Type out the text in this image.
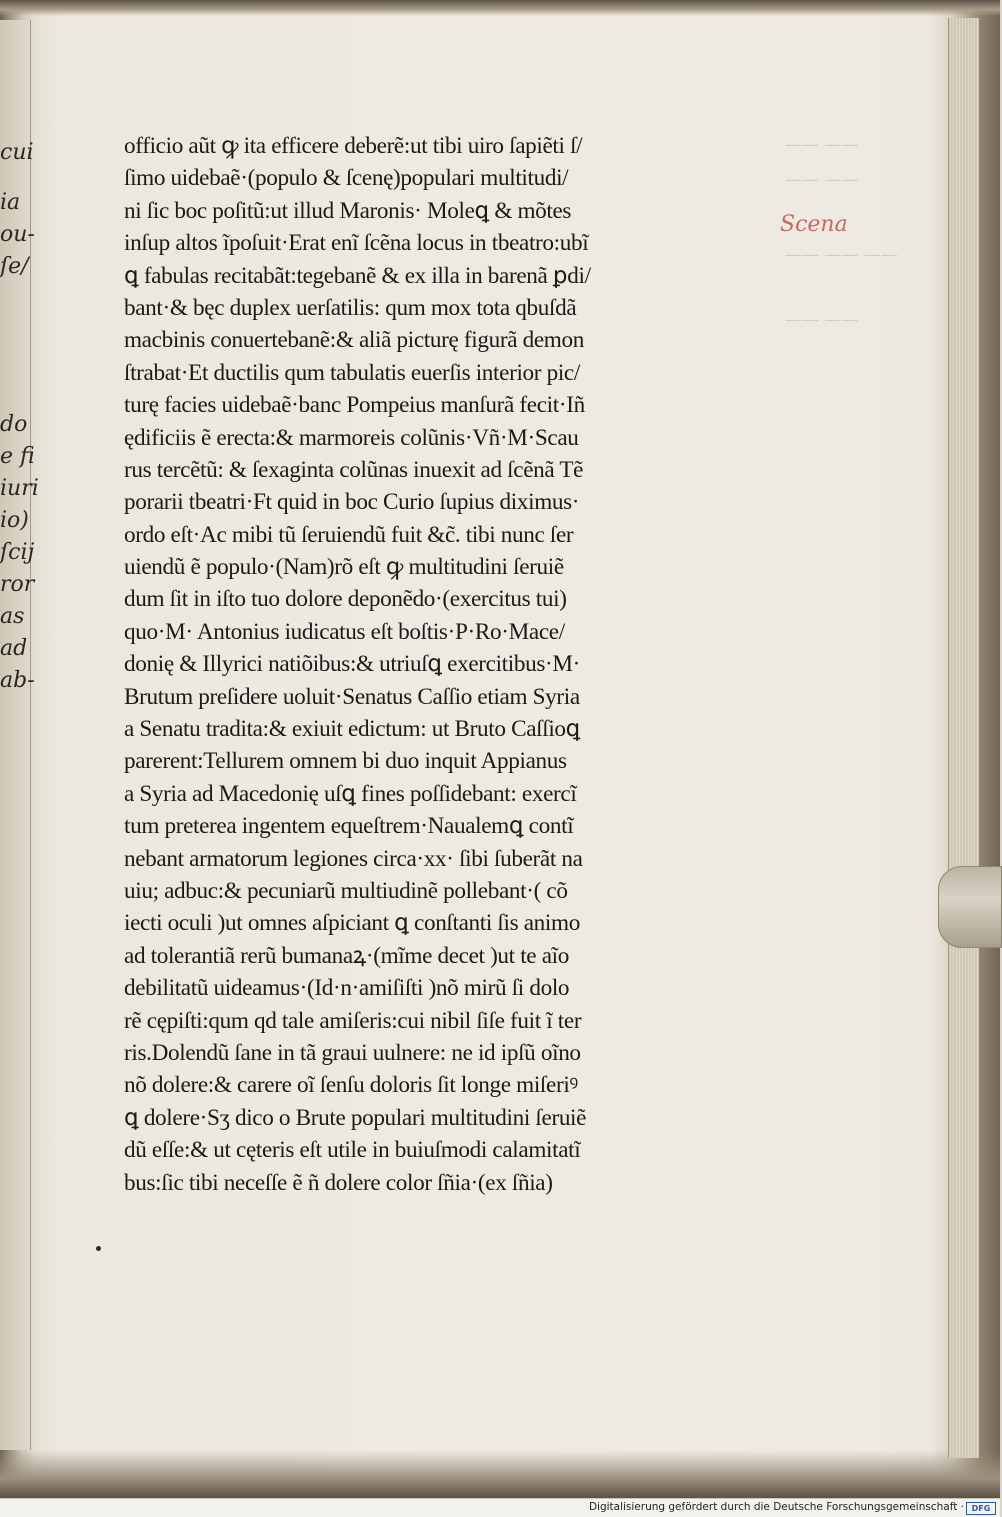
cui
ia
ou-
ſe/
do
e fi
iuri
io)
ſcij
ror
as
ad
ab-
—— ——
—— ——
—— —— ——
—— ——
Scena
officio aũt ꝙ ita efficere deberẽ:ut tibi uiro ſapiẽti ſ/
ſimo uidebaẽ·(populo & ſcenę)populari multitudi/
ni ſic boc poſitũ:ut illud Maronis· Moleꝗ & mõtes
inſup altos ĩpoſuit·Erat enĩ ſcẽna locus in tbeatro:ubĩ
ꝗ fabulas recitabãt:tegebanẽ & ex illa in barenã ꝑdi/
bant·& bęc duplex uerſatilis: qum mox tota qbuſdã
macbinis conuertebanẽ:& aliã picturę figurã demon
ſtrabat·Et ductilis qum tabulatis euerſis interior pic/
turę facies uidebaẽ·banc Pompeius manſurã fecit·Iñ
ędificiis ẽ erecta:& marmoreis colũnis·Vñ·M·Scau
rus tercẽtũ: & ſexaginta colũnas inuexit ad ſcẽnã Tẽ
porarii tbeatri·Ft quid in boc Curio ſupius diximus·
ordo eſt·Ac mibi tũ ſeruiendũ fuit &c̃. tibi nunc ſer
uiendũ ẽ populo·(Nam)rõ eſt ꝙ multitudini ſeruiẽ
dum ſit in iſto tuo dolore deponẽdo·(exercitus tui)
quo·M· Antonius iudicatus eſt boſtis·P·Ro·Mace/
donię & Illyrici natiõibus:& utriuſꝗ exercitibus·M·
Brutum preſidere uoluit·Senatus Caſſio etiam Syria
a Senatu tradita:& exiuit edictum: ut Bruto Caſſioꝗ
parerent:Tellurem omnem bi duo inquit Appianus
a Syria ad Macedonię uſꝗ fines poſſidebant: exercĩ
tum preterea ingentem equeſtrem·Naualemꝗ contĩ
nebant armatorum legiones circa·xx· ſibi ſuberãt na
uiu; adbuc:& pecuniarũ multiudinẽ pollebant·( cõ
iecti oculi )ut omnes aſpiciant ꝗ conſtanti ſis animo
ad tolerantiã rerũ bumanaꝝ·(mĩme decet )ut te aĩo
debilitatũ uideamus·(Id·n·amiſiſti )nõ mirũ ſi dolo
rẽ cępiſti:qum qd tale amiſeris:cui nibil ſiſe fuit ĩ ter
ris.Dolendũ ſane in tã graui uulnere: ne id ipſũ oĩno
nõ dolere:& carere oĩ ſenſu doloris ſit longe miſeriꝰ
ꝗ dolere·Sʒ dico o Brute populari multitudini ſeruiẽ
dũ eſſe:& ut cęteris eſt utile in buiuſmodi calamitatĩ
bus:ſic tibi neceſſe ẽ ñ dolere color ſñia·(ex ſñia)
Digitalisierung gefördert durch die Deutsche Forschungsgemeinschaft · DFG
